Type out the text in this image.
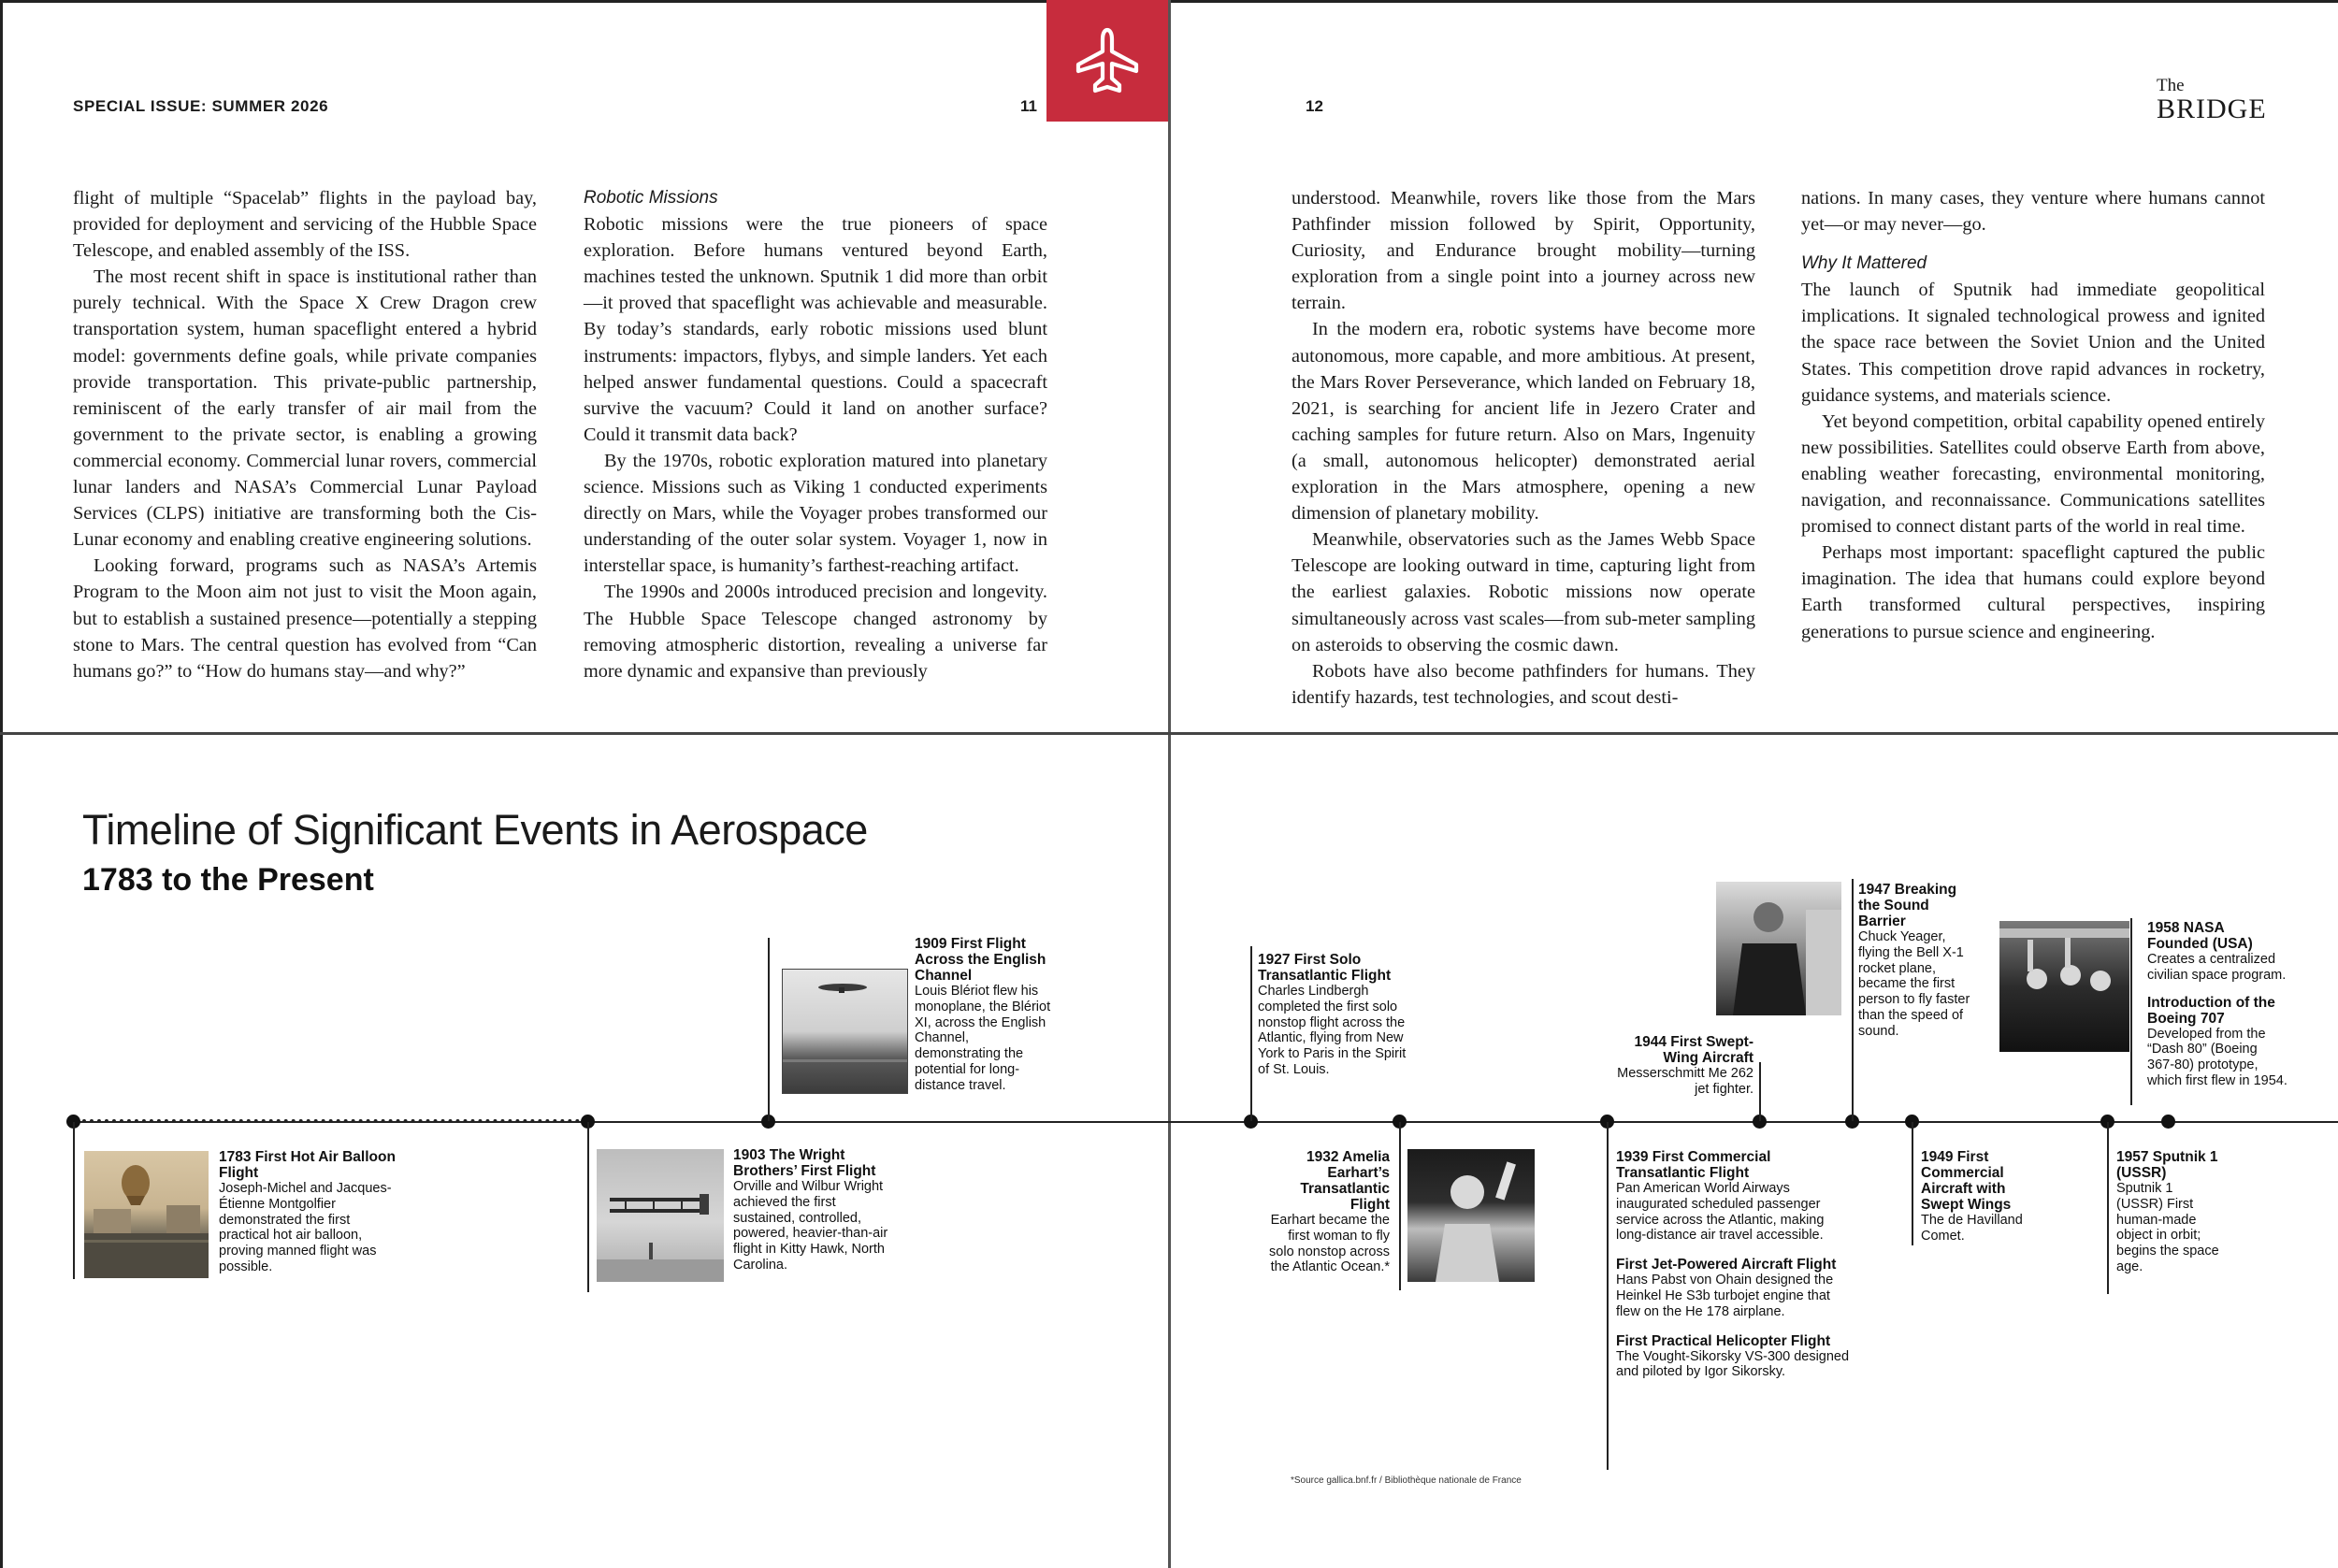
SPECIAL ISSUE: SUMMER 2026	11	12
The
BRIDGE

flight of multiple “Spacelab” flights in the payload bay, provided for deployment and servicing of the Hubble Space Telescope, and enabled assembly of the ISS.

The most recent shift in space is institutional rather than purely technical. With the Space X Crew Dragon crew transportation system, human spaceflight entered a hybrid model: governments define goals, while private companies provide transportation. This private-public partnership, reminiscent of the early transfer of air mail from the government to the private sector, is enabling a growing commercial economy. Commercial lunar rovers, commercial lunar landers and NASA’s Commercial Lunar Payload Services (CLPS) initiative are transforming both the Cis-Lunar economy and enabling creative engineering solutions.

Looking forward, programs such as NASA’s Artemis Program to the Moon aim not just to visit the Moon again, but to establish a sustained presence—potentially a stepping stone to Mars. The central question has evolved from “Can humans go?” to “How do humans stay—and why?”

Robotic Missions

Robotic missions were the true pioneers of space exploration. Before humans ventured beyond Earth, machines tested the unknown. Sputnik 1 did more than orbit—it proved that spaceflight was achievable and measurable. By today’s standards, early robotic missions used blunt instruments: impactors, flybys, and simple landers. Yet each helped answer fundamental questions. Could a spacecraft survive the vacuum? Could it land on another surface? Could it transmit data back?

By the 1970s, robotic exploration matured into planetary science. Missions such as Viking 1 conducted experiments directly on Mars, while the Voyager probes transformed our understanding of the outer solar system. Voyager 1, now in interstellar space, is humanity’s farthest-reaching artifact.

The 1990s and 2000s introduced precision and longevity. The Hubble Space Telescope changed astronomy by removing atmospheric distortion, revealing a universe far more dynamic and expansive than previously

understood. Meanwhile, rovers like those from the Mars Pathfinder mission followed by Spirit, Opportunity, Curiosity, and Endurance brought mobility—turning exploration from a single point into a journey across new terrain.

In the modern era, robotic systems have become more autonomous, more capable, and more ambitious. At present, the Mars Rover Perseverance, which landed on February 18, 2021, is searching for ancient life in Jezero Crater and caching samples for future return. Also on Mars, Ingenuity (a small, autonomous helicopter) demonstrated aerial exploration in the Mars atmosphere, opening a new dimension of planetary mobility.

Meanwhile, observatories such as the James Webb Space Telescope are looking outward in time, capturing light from the earliest galaxies. Robotic missions now operate simultaneously across vast scales—from sub-meter sampling on asteroids to observing the cosmic dawn.

Robots have also become pathfinders for humans. They identify hazards, test technologies, and scout desti-

nations. In many cases, they venture where humans cannot yet—or may never—go.

Why It Mattered

The launch of Sputnik had immediate geopolitical implications. It signaled technological prowess and ignited the space race between the Soviet Union and the United States. This competition drove rapid advances in rocketry, guidance systems, and materials science.

Yet beyond competition, orbital capability opened entirely new possibilities. Satellites could observe Earth from above, enabling weather forecasting, environmental monitoring, navigation, and reconnaissance. Communications satellites promised to connect distant parts of the world in real time.

Perhaps most important: spaceflight captured the public imagination. The idea that humans could explore beyond Earth transformed cultural perspectives, inspiring generations to pursue science and engineering.

Timeline of Significant Events in Aerospace
1783 to the Present
1783 First Hot Air Balloon Flight
Joseph-Michel and Jacques-Étienne Montgolfier demonstrated the first practical hot air balloon, proving manned flight was possible.
1903 The Wright Brothers’ First Flight
Orville and Wilbur Wright achieved the first sustained, controlled, powered, heavier-than-air flight in Kitty Hawk, North Carolina.
1909 First Flight Across the English Channel
Louis Blériot flew his monoplane, the Blériot XI, across the English Channel, demonstrating the potential for long-distance travel.
1927 First Solo Transatlantic Flight
Charles Lindbergh completed the first solo nonstop flight across the Atlantic, flying from New York to Paris in the Spirit of St. Louis.
1932 Amelia Earhart’s Transatlantic Flight
Earhart became the first woman to fly solo nonstop across the Atlantic Ocean.*
1939 First Commercial Transatlantic Flight
Pan American World Airways inaugurated scheduled passenger service across the Atlantic, making long-distance air travel accessible.
First Jet-Powered Aircraft Flight
Hans Pabst von Ohain designed the Heinkel He S3b turbojet engine that flew on the He 178 airplane.
First Practical Helicopter Flight
The Vought-Sikorsky VS-300 designed and piloted by Igor Sikorsky.
1944 First Swept-Wing Aircraft
Messerschmitt Me 262 jet fighter.
1947 Breaking the Sound Barrier
Chuck Yeager, flying the Bell X-1 rocket plane, became the first person to fly faster than the speed of sound.
1949 First Commercial Aircraft with Swept Wings
The de Havilland Comet.
1957 Sputnik 1 (USSR)
Sputnik 1 (USSR) First human-made object in orbit; begins the space age.
1958 NASA Founded (USA)
Creates a centralized civilian space program.
Introduction of the Boeing 707
Developed from the “Dash 80” (Boeing 367-80) prototype, which first flew in 1954.
*Source gallica.bnf.fr / Bibliothèque nationale de France
